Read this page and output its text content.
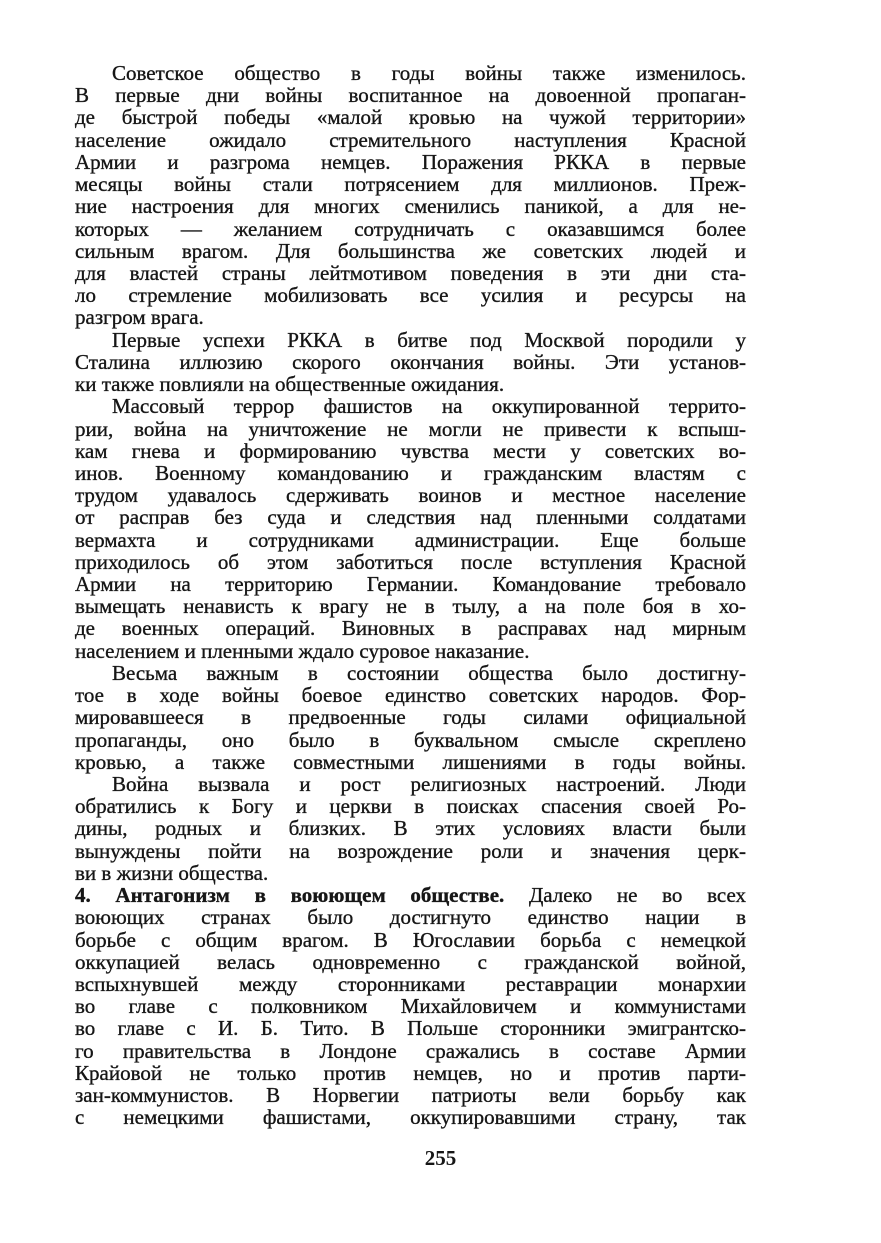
Советское общество в годы войны также изменилось.
В первые дни войны воспитанное на довоенной пропаган-
де быстрой победы «малой кровью на чужой территории»
население ожидало стремительного наступления Красной
Армии и разгрома немцев. Поражения РККА в первые
месяцы войны стали потрясением для миллионов. Преж-
ние настроения для многих сменились паникой, а для не-
которых — желанием сотрудничать с оказавшимся более
сильным врагом. Для большинства же советских людей и
для властей страны лейтмотивом поведения в эти дни ста-
ло стремление мобилизовать все усилия и ресурсы на
разгром врага.
Первые успехи РККА в битве под Москвой породили у
Сталина иллюзию скорого окончания войны. Эти установ-
ки также повлияли на общественные ожидания.
Массовый террор фашистов на оккупированной террито-
рии, война на уничтожение не могли не привести к вспыш-
кам гнева и формированию чувства мести у советских во-
инов. Военному командованию и гражданским властям с
трудом удавалось сдерживать воинов и местное население
от расправ без суда и следствия над пленными солдатами
вермахта и сотрудниками администрации. Еще больше
приходилось об этом заботиться после вступления Красной
Армии на территорию Германии. Командование требовало
вымещать ненависть к врагу не в тылу, а на поле боя в хо-
де военных операций. Виновных в расправах над мирным
населением и пленными ждало суровое наказание.
Весьма важным в состоянии общества было достигну-
тое в ходе войны боевое единство советских народов. Фор-
мировавшееся в предвоенные годы силами официальной
пропаганды, оно было в буквальном смысле скреплено
кровью, а также совместными лишениями в годы войны.
Война вызвала и рост религиозных настроений. Люди
обратились к Богу и церкви в поисках спасения своей Ро-
дины, родных и близких. В этих условиях власти были
вынуждены пойти на возрождение роли и значения церк-
ви в жизни общества.
4. Антагонизм в воюющем обществе. Далеко не во всех
воюющих странах было достигнуто единство нации в
борьбе с общим врагом. В Югославии борьба с немецкой
оккупацией велась одновременно с гражданской войной,
вспыхнувшей между сторонниками реставрации монархии
во главе с полковником Михайловичем и коммунистами
во главе с И. Б. Тито. В Польше сторонники эмигрантско-
го правительства в Лондоне сражались в составе Армии
Крайовой не только против немцев, но и против парти-
зан-коммунистов. В Норвегии патриоты вели борьбу как
с немецкими фашистами, оккупировавшими страну, так
255
